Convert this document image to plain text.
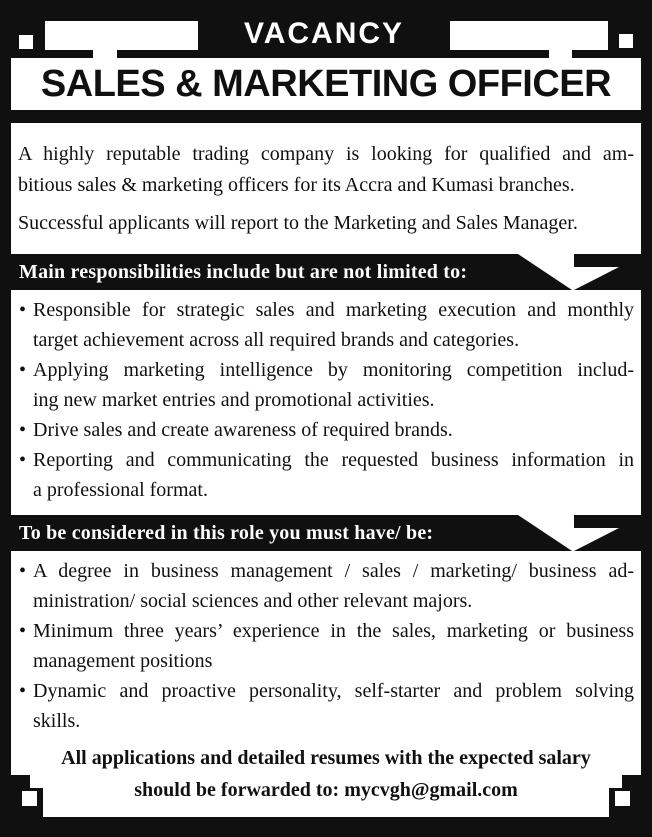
VACANCY
SALES & MARKETING OFFICER
A highly reputable trading company is looking for qualified and am-
bitious sales & marketing officers for its Accra and Kumasi branches.
Successful applicants will report to the Marketing and Sales Manager.
Main responsibilities include but are not limited to:
• Responsible for strategic sales and marketing execution and monthly
target achievement across all required brands and categories.
• Applying marketing intelligence by monitoring competition includ-
ing new market entries and promotional activities.
• Drive sales and create awareness of required brands.
• Reporting and communicating the requested business information in
a professional format.
To be considered in this role you must have/ be:
• A degree in business management / sales / marketing/ business ad-
ministration/ social sciences and other relevant majors.
• Minimum three years’ experience in the sales, marketing or business
management positions
• Dynamic and proactive personality, self-starter and problem solving
skills.
All applications and detailed resumes with the expected salary
should be forwarded to: mycvgh@gmail.com
